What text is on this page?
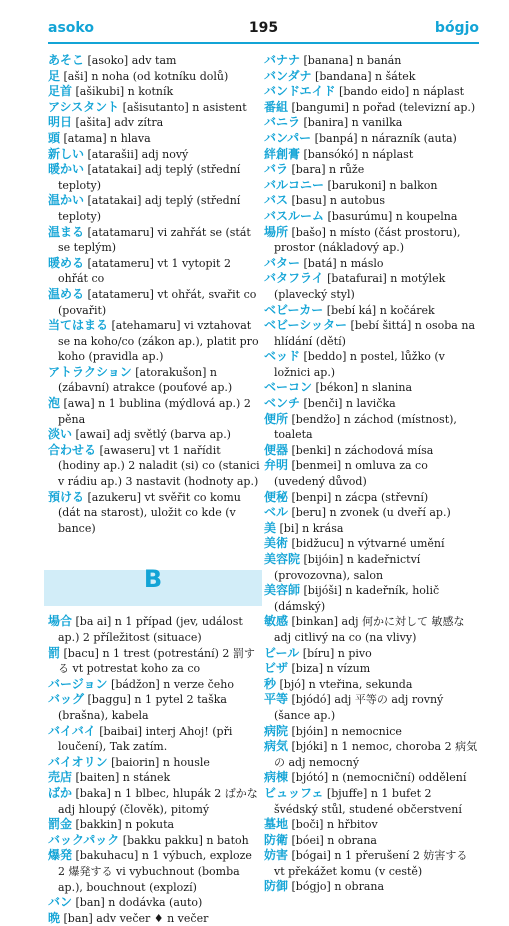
asoko	195	bógjo

あそこ [asoko] adv tam

足 [aši] n noha (od kotníku dolů)

足首 [aši̇kubi] n kotník

アシスタント [ašisutanto] n asistent

明日 [aši̇ta] adv zítra

頭 [atama] n hlava

新しい [atarašii] adj nový

暖かい [atatakai] adj teplý (střední teploty)

温かい [atatakai] adj teplý (střední teploty)

温まる [atatamaru] vi zahřát se (stát se teplým)

暖める [atatameru] vt 1 vytopit 2 ohřát co

温める [atatameru] vt ohřát, svařit co (povařit)

当てはまる [atehamaru] vi vztahovat se na koho/co (zákon ap.), platit pro koho (pravidla ap.)

アトラクション [atorakušon] n (zábavní) atrakce (pouťové ap.)

泡 [awa] n 1 bublina (mýdlová ap.) 2 pěna

淡い [awai] adj světlý (barva ap.)

合わせる [awaseru] vt 1 nařídit (hodiny ap.) 2 naladit (si) co (stanici v rádiu ap.) 3 nastavit (hodnoty ap.)

預ける [azukeru] vt svěřit co komu (dát na starost), uložit co kde (v bance)

B

場合 [ba ai] n 1 případ (jev, událost ap.) 2 příležitost (situace)

罰 [bacu] n 1 trest (potrestání) 2 罰する vt potrestat koho za co

バージョン [bádžon] n verze čeho

バッグ [baggu] n 1 pytel 2 taška (brašna), kabela

バイバイ [baibai] interj Ahoj! (při loučení), Tak zatím.

バイオリン [baiorin] n housle

売店 [baiten] n stánek

ばか [baka] n 1 blbec, hlupák 2 ばかな adj hloupý (člověk), pitomý

罰金 [bakkin] n pokuta

バックパック [bakku pakku] n batoh

爆発 [bakuhacu] n 1 výbuch, exploze 2 爆発する vi vybuchnout (bomba ap.), bouchnout (explozí)

バン [ban] n dodávka (auto)

晩 [ban] adv večer ♦ n večer

バナナ [banana] n banán

バンダナ [bandana] n šátek

バンドエイド [bando eido] n náplast

番組 [bangumi] n pořad (televizní ap.)

バニラ [banira] n vanilka

バンパー [banpá] n nárazník (auta)

絆創膏 [bansókó] n náplast

バラ [bara] n růže

バルコニー [barukoni] n balkon

バス [basu] n autobus

バスルーム [basurúmu] n koupelna

場所 [bašo] n místo (část prostoru), prostor (nákladový ap.)

バター [batá] n máslo

バタフライ [batafurai] n motýlek (plavecký styl)

ベビーカー [bebí ká] n kočárek

ベビーシッター [bebí šittá] n osoba na hlídání (dětí)

ベッド [beddo] n postel, lůžko (v ložnici ap.)

ベーコン [békon] n slanina

ベンチ [benči] n lavička

便所 [bendžo] n záchod (místnost), toaleta

便器 [benki] n záchodová mísa

弁明 [benmei] n omluva za co (uvedený důvod)

便秘 [benpi] n zácpa (střevní)

ベル [beru] n zvonek (u dveří ap.)

美 [bi] n krása

美術 [bidžucu] n výtvarné umění

美容院 [bijóin] n kadeřnictví (provozovna), salon

美容師 [bijóši] n kadeřník, holič (dámský)

敏感 [binkan] adj 何かに対して 敏感な adj citlivý na co (na vlivy)

ビール [bíru] n pivo

ビザ [biza] n vízum

秒 [bjó] n vteřina, sekunda

平等 [bjódó] adj 平等の adj rovný (šance ap.)

病院 [bjóin] n nemocnice

病気 [bjóki] n 1 nemoc, choroba 2 病気の adj nemocný

病棟 [bjótó] n (nemocniční) oddělení

ビュッフェ [bjuffe] n 1 bufet 2 švédský stůl, studené občerstvení

墓地 [boči] n hřbitov

防衛 [bóei] n obrana

妨害 [bógai] n 1 přerušení 2 妨害する vt překážet komu (v cestě)

防御 [bógjo] n obrana
